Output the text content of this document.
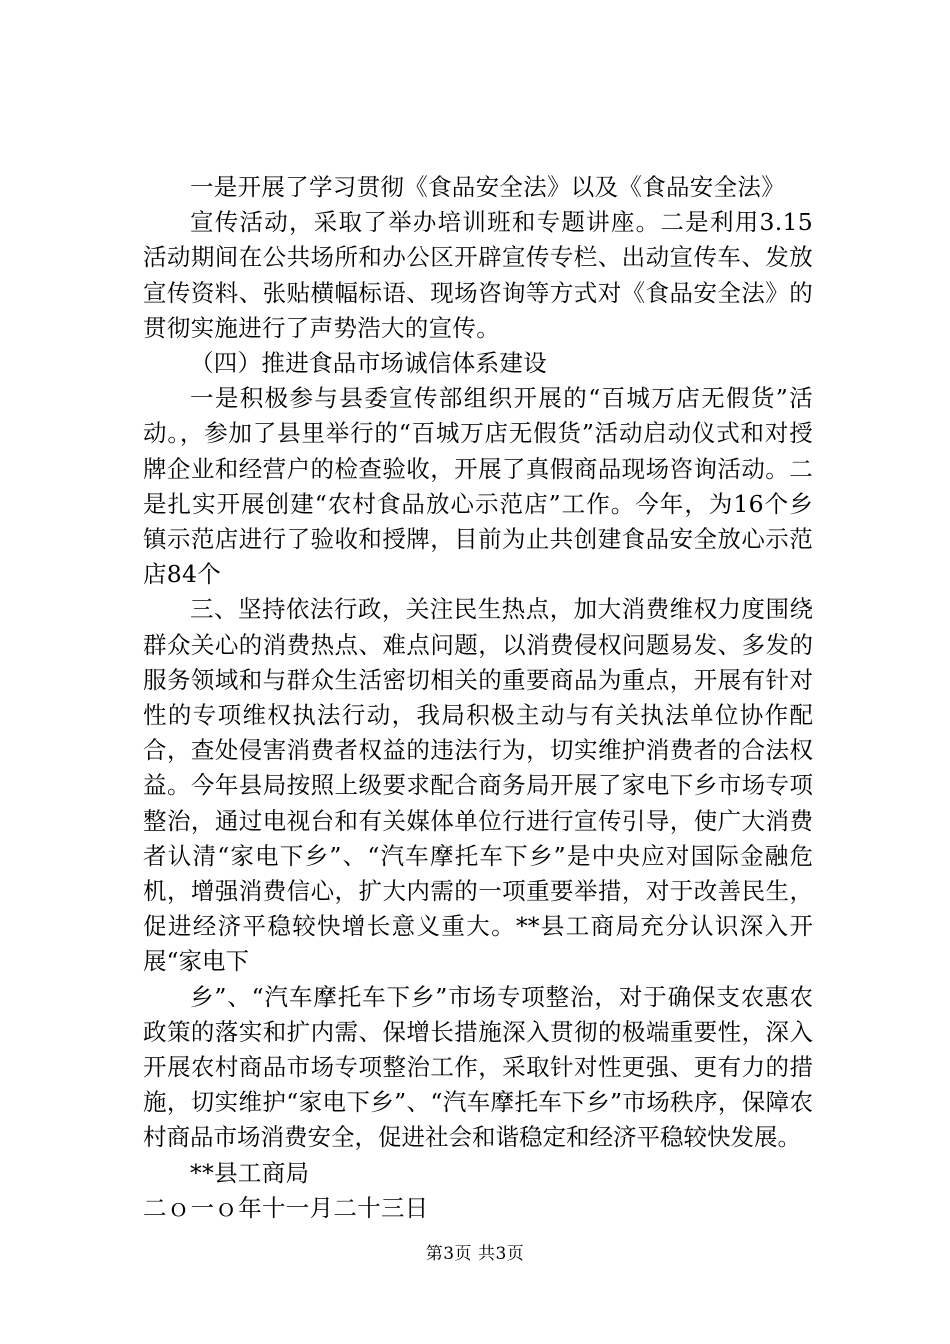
一是开展了学习贯彻《食品安全法》以及《食品安全法》

宣传活动，采取了举办培训班和专题讲座。二是利用3.15活动期间在公共场所和办公区开辟宣传专栏、出动宣传车、发放宣传资料、张贴横幅标语、现场咨询等方式对《食品安全法》的贯彻实施进行了声势浩大的宣传。

（四）推进食品市场诚信体系建设

一是积极参与县委宣传部组织开展的“百城万店无假货”活动。，参加了县里举行的“百城万店无假货”活动启动仪式和对授牌企业和经营户的检查验收，开展了真假商品现场咨询活动。二是扎实开展创建“农村食品放心示范店”工作。今年，为16个乡镇示范店进行了验收和授牌，目前为止共创建食品安全放心示范店84个

三、坚持依法行政，关注民生热点，加大消费维权力度围绕群众关心的消费热点、难点问题，以消费侵权问题易发、多发的服务领域和与群众生活密切相关的重要商品为重点，开展有针对性的专项维权执法行动，我局积极主动与有关执法单位协作配合，查处侵害消费者权益的违法行为，切实维护消费者的合法权益。今年县局按照上级要求配合商务局开展了家电下乡市场专项整治，通过电视台和有关媒体单位行进行宣传引导，使广大消费者认清“家电下乡”、“汽车摩托车下乡”是中央应对国际金融危机，增强消费信心，扩大内需的一项重要举措，对于改善民生，促进经济平稳较快增长意义重大。**县工商局充分认识深入开展“家电下

乡”、“汽车摩托车下乡”市场专项整治，对于确保支农惠农政策的落实和扩内需、保增长措施深入贯彻的极端重要性，深入开展农村商品市场专项整治工作，采取针对性更强、更有力的措施，切实维护“家电下乡”、“汽车摩托车下乡”市场秩序，保障农村商品市场消费安全，促进社会和谐稳定和经济平稳较快发展。

**县工商局

二ｏ一ｏ年十一月二十三日

第3页 共3页
